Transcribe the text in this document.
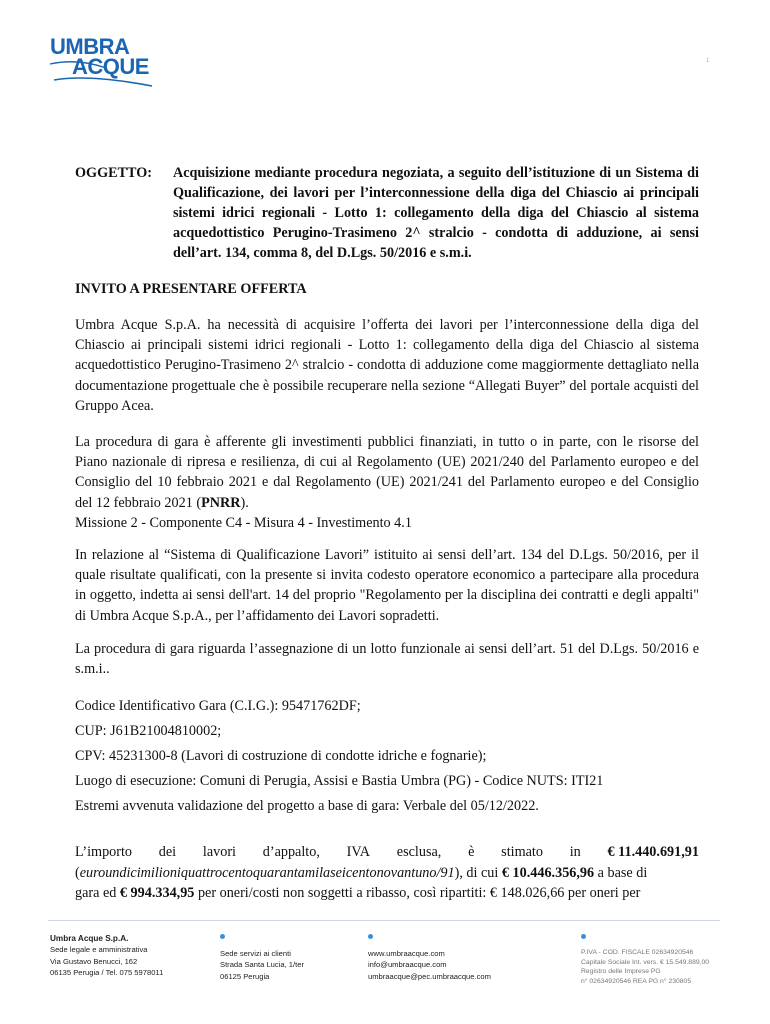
UMBRA
ACQUE	1
OGGETTO: Acquisizione mediante procedura negoziata, a seguito dell’istituzione di un Sistema di Qualificazione, dei lavori per l’interconnessione della diga del Chiascio ai principali sistemi idrici regionali - Lotto 1: collegamento della diga del Chiascio al sistema acquedottistico Perugino-Trasimeno 2^ stralcio - condotta di adduzione, ai sensi dell’art. 134, comma 8, del D.Lgs. 50/2016 e s.m.i.
INVITO A PRESENTARE OFFERTA
Umbra Acque S.p.A. ha necessità di acquisire l’offerta dei lavori per l’interconnessione della diga del Chiascio ai principali sistemi idrici regionali - Lotto 1: collegamento della diga del Chiascio al sistema acquedottistico Perugino-Trasimeno 2^ stralcio - condotta di adduzione come maggiormente dettagliato nella documentazione progettuale che è possibile recuperare nella sezione “Allegati Buyer” del portale acquisti del Gruppo Acea.
La procedura di gara è afferente gli investimenti pubblici finanziati, in tutto o in parte, con le risorse del Piano nazionale di ripresa e resilienza, di cui al Regolamento (UE) 2021/240 del Parlamento europeo e del Consiglio del 10 febbraio 2021 e dal Regolamento (UE) 2021/241 del Parlamento europeo e del Consiglio del 12 febbraio 2021 (PNRR).
Missione 2 - Componente C4 - Misura 4 - Investimento 4.1
In relazione al “Sistema di Qualificazione Lavori” istituito ai sensi dell’art. 134 del D.Lgs. 50/2016, per il quale risultate qualificati, con la presente si invita codesto operatore economico a partecipare alla procedura in oggetto, indetta ai sensi dell'art. 14 del proprio "Regolamento per la disciplina dei contratti e degli appalti" di Umbra Acque S.p.A., per l’affidamento dei Lavori sopradetti.
La procedura di gara riguarda l’assegnazione di un lotto funzionale ai sensi dell’art. 51 del D.Lgs. 50/2016 e s.m.i..
Codice Identificativo Gara (C.I.G.): 95471762DF;
CUP: J61B21004810002;
CPV: 45231300-8 (Lavori di costruzione di condotte idriche e fognarie);
Luogo di esecuzione: Comuni di Perugia, Assisi e Bastia Umbra (PG) - Codice NUTS: ITI21
Estremi avvenuta validazione del progetto a base di gara: Verbale del 05/12/2022.
L’importo dei lavori d’appalto, IVA esclusa, è stimato in € 11.440.691,91
(euroundicimilioniquattrocentoquarantamilaseicentonovantuno/91), di cui € 10.446.356,96 a base di
gara ed € 994.334,95 per oneri/costi non soggetti a ribasso, così ripartiti: € 148.026,66 per oneri per
Umbra Acque S.p.A.
Sede legale e amministrativa
Via Gustavo Benucci, 162
06135 Perugia / Tel. 075 5978011
Sede servizi ai clienti
Strada Santa Lucia, 1/ter
06125 Perugia
www.umbraacque.com
info@umbraacque.com
umbraacque@pec.umbraacque.com
P.IVA - COD. FISCALE 02634920546
Capitale Sociale Int. vers. € 15.549.889,00
Registro delle Imprese PG
n° 02634920546 REA PG n° 230805
